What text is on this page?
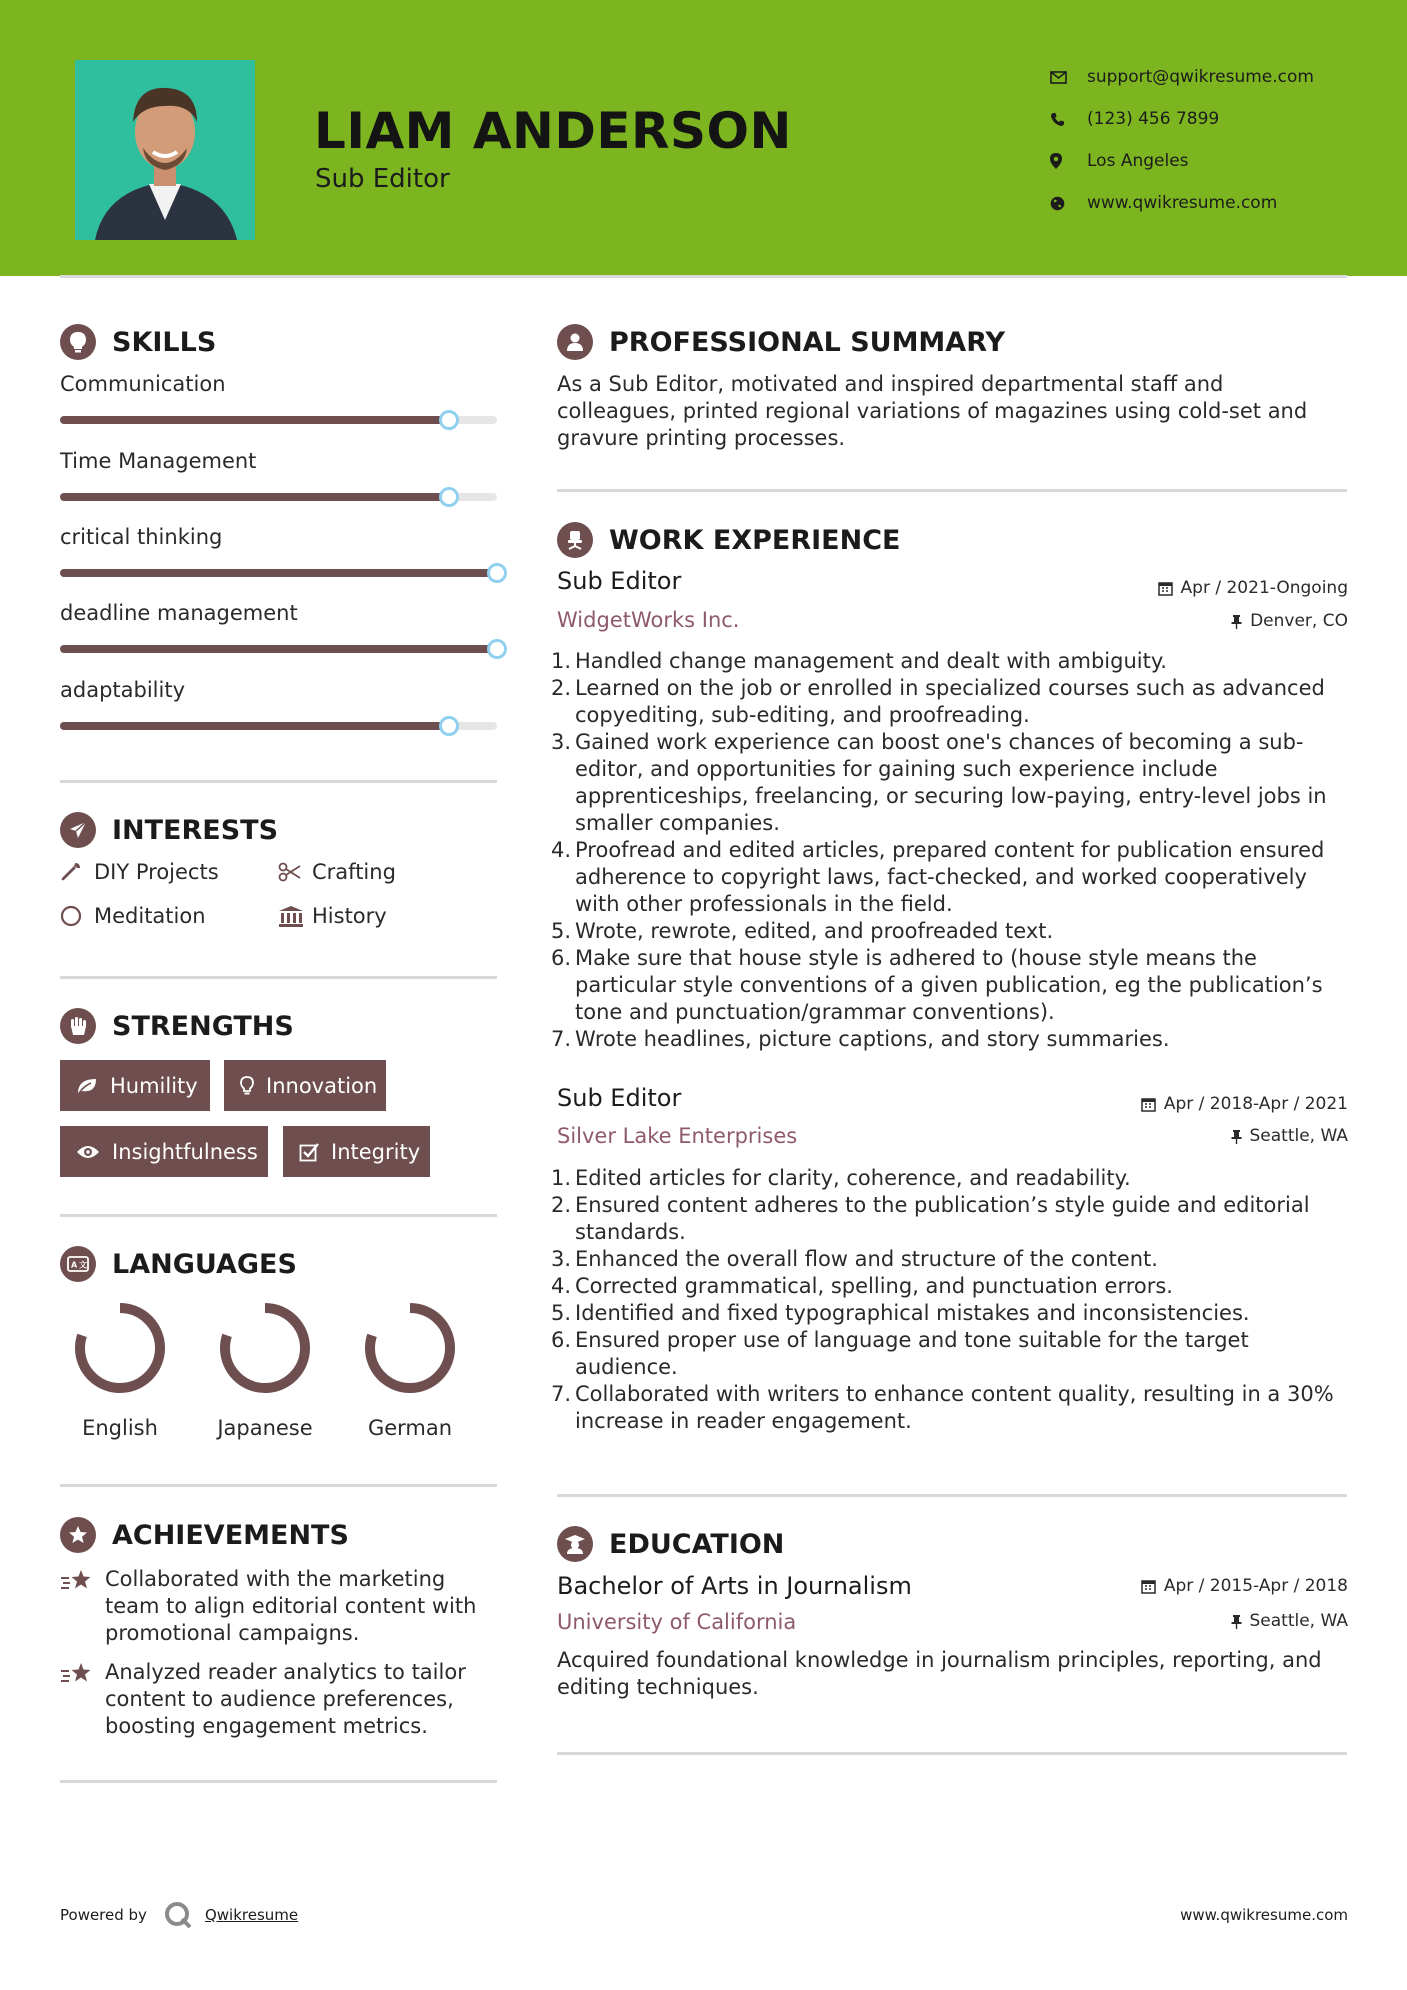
LIAM ANDERSON
Sub Editor
support@qwikresume.com
(123) 456 7899
Los Angeles
www.qwikresume.com
SKILLS
Communication
Time Management
critical thinking
deadline management
adaptability
INTERESTS
DIY Projects	Crafting
Meditation	History
STRENGTHS
Humility	Innovation
Insightfulness	Integrity
A 文 LANGUAGES
English	Japanese	German
ACHIEVEMENTS
Collaborated with the marketing team to align editorial content with promotional campaigns.
Analyzed reader analytics to tailor content to audience preferences, boosting engagement metrics.
PROFESSIONAL SUMMARY
As a Sub Editor, motivated and inspired departmental staff and colleagues, printed regional variations of magazines using cold-set and gravure printing processes.
WORK EXPERIENCE
Sub Editor	Apr / 2021-Ongoing
WidgetWorks Inc.	Denver, CO
1. Handled change management and dealt with ambiguity.
2. Learned on the job or enrolled in specialized courses such as advanced copyediting, sub-editing, and proofreading.
3. Gained work experience can boost one's chances of becoming a sub-editor, and opportunities for gaining such experience include apprenticeships, freelancing, or securing low-paying, entry-level jobs in smaller companies.
4. Proofread and edited articles, prepared content for publication ensured adherence to copyright laws, fact-checked, and worked cooperatively with other professionals in the field.
5. Wrote, rewrote, edited, and proofreaded text.
6. Make sure that house style is adhered to (house style means the particular style conventions of a given publication, eg the publication’s tone and punctuation/grammar conventions).
7. Wrote headlines, picture captions, and story summaries.
Sub Editor	Apr / 2018-Apr / 2021
Silver Lake Enterprises	Seattle, WA
1. Edited articles for clarity, coherence, and readability.
2. Ensured content adheres to the publication’s style guide and editorial standards.
3. Enhanced the overall flow and structure of the content.
4. Corrected grammatical, spelling, and punctuation errors.
5. Identified and fixed typographical mistakes and inconsistencies.
6. Ensured proper use of language and tone suitable for the target audience.
7. Collaborated with writers to enhance content quality, resulting in a 30% increase in reader engagement.
EDUCATION
Bachelor of Arts in Journalism	Apr / 2015-Apr / 2018
University of California	Seattle, WA
Acquired foundational knowledge in journalism principles, reporting, and editing techniques.
Powered by	Qwikresume	www.qwikresume.com
